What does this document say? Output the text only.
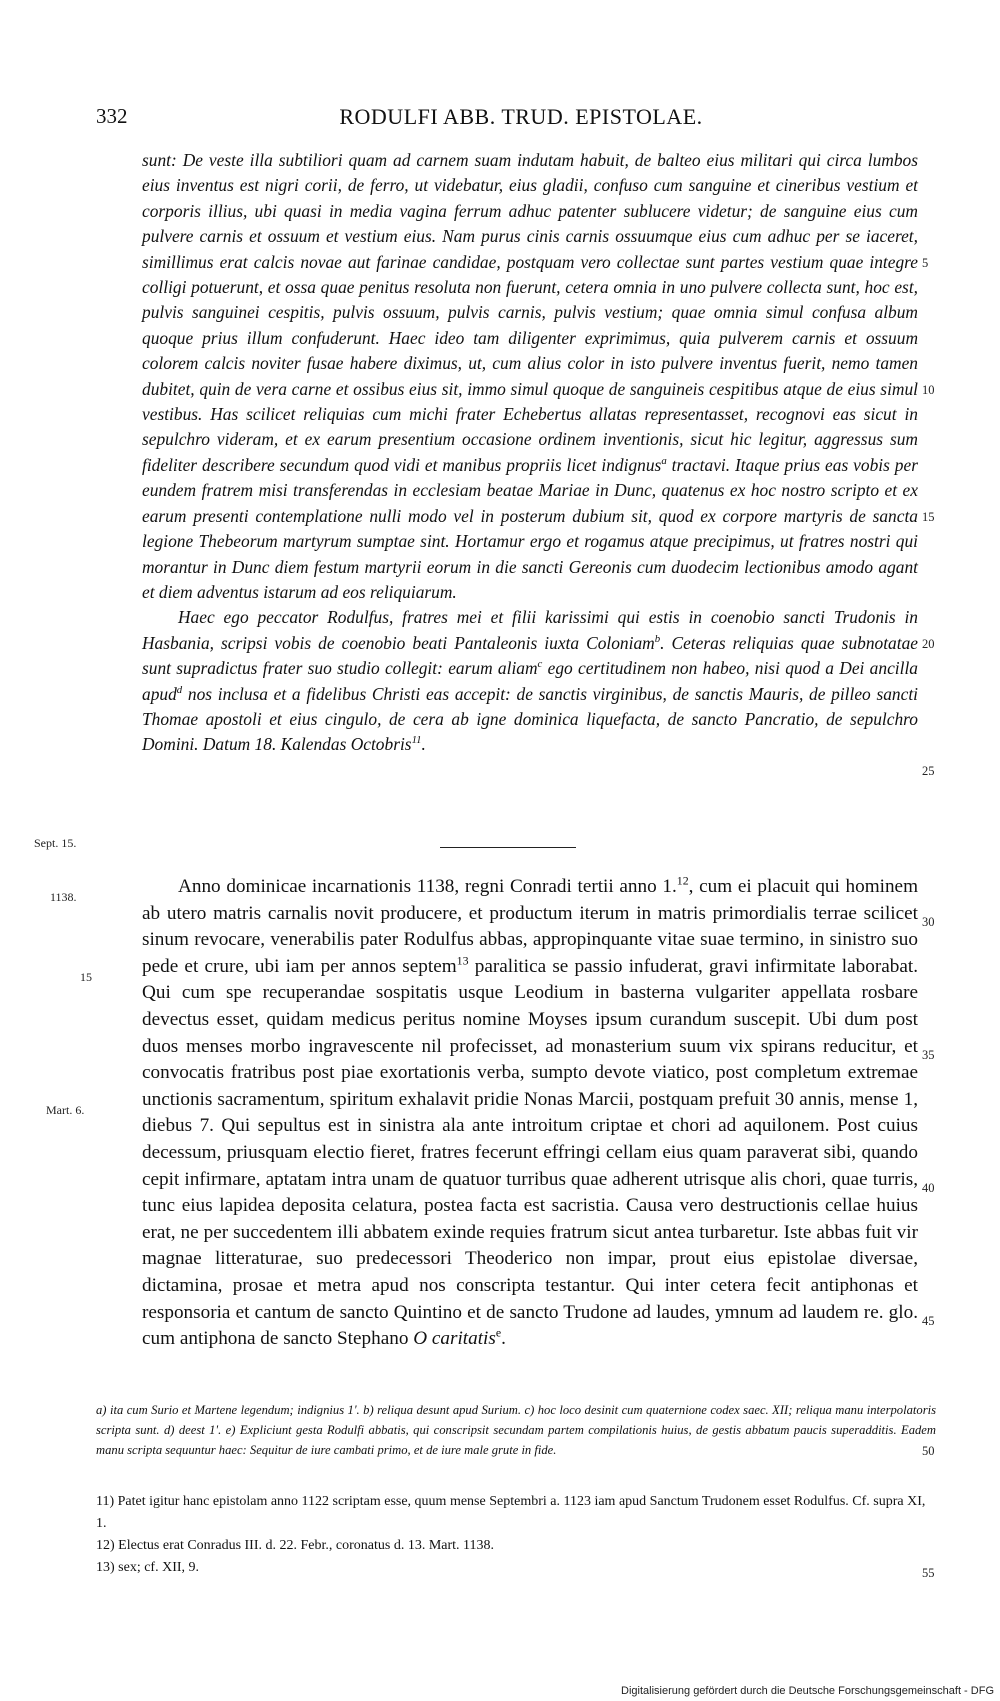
332	RODULFI ABB. TRUD. EPISTOLAE.

sunt: De veste illa subtiliori quam ad carnem suam indutam habuit, de balteo eius militari qui circa lumbos eius inventus est nigri corii, de ferro, ut videbatur, eius gladii, confuso cum sanguine et cineribus vestium et corporis illius, ubi quasi in media vagina ferrum adhuc patenter sublucere videtur; de sanguine eius cum pulvere carnis et ossuum et vestium eius. Nam purus cinis carnis ossuumque eius cum adhuc per se iaceret, simillimus erat calcis novae aut farinae candidae, postquam vero collectae sunt partes vestium quae integre colligi potuerunt, et ossa quae penitus resoluta non fuerunt, cetera omnia in uno pulvere collecta sunt, hoc est, pulvis sanguinei cespitis, pulvis ossuum, pulvis carnis, pulvis vestium; quae omnia simul confusa album quoque prius illum confuderunt. Haec ideo tam diligenter exprimimus, quia pulverem carnis et ossuum colorem calcis noviter fusae habere diximus, ut, cum alius color in isto pulvere inventus fuerit, nemo tamen dubitet, quin de vera carne et ossibus eius sit, immo simul quoque de sanguineis cespitibus atque de eius simul vestibus. Has scilicet reliquias cum michi frater Echebertus allatas representasset, recognovi eas sicut in sepulchro videram, et ex earum presentium occasione ordinem inventionis, sicut hic legitur, aggressus sum fideliter describere secundum quod vidi et manibus propriis licet indignus$^a$ tractavi. Itaque prius eas vobis per eundem fratrem misi transferendas in ecclesiam beatae Mariae in Dunc, quatenus ex hoc nostro scripto et ex earum presenti contemplatione nulli modo vel in posterum dubium sit, quod ex corpore martyris de sancta legione Thebeorum martyrum sumptae sint. Hortamur ergo et rogamus atque precipimus, ut fratres nostri qui morantur in Dunc diem festum martyrii eorum in die sancti Gereonis cum duodecim lectionibus amodo agant et diem adventus istarum ad eos reliquiarum.

Haec ego peccator Rodulfus, fratres mei et filii karissimi qui estis in coenobio sancti Trudonis in Hasbania, scripsi vobis de coenobio beati Pantaleonis iuxta Coloniam$^b$. Ceteras reliquias quae subnotatae sunt supradictus frater suo studio collegit: earum aliam$^c$ ego certitudinem non habeo, nisi quod a Dei ancilla apud$^d$ nos inclusa et a fidelibus Christi eas accepit: de sanctis virginibus, de sanctis Mauris, de pilleo sancti Thomae apostoli et eius cingulo, de cera ab igne dominica liquefacta, de sancto Pancratio, de sepulchro Domini. Datum 18. Kalendas Octobris$^{11}$.

Anno dominicae incarnationis 1138, regni Conradi tertii anno 1.12, cum ei placuit qui hominem ab utero matris carnalis novit producere, et productum iterum in matris primordialis terrae scilicet sinum revocare, venerabilis pater Rodulfus abbas, appropinquante vitae suae termino, in sinistro suo pede et crure, ubi iam per annos septem$^{13}$ paralitica se passio infuderat, gravi infirmitate laborabat. Qui cum spe recuperandae sospitatis usque Leodium in basterna vulgariter appellata rosbare devectus esset, quidam medicus peritus nomine Moyses ipsum curandum suscepit. Ubi dum post duos menses morbo ingravescente nil profecisset, ad monasterium suum vix spirans reducitur, et convocatis fratribus post piae exortationis verba, sumpto devote viatico, post completum extremae unctionis sacramentum, spiritum exhalavit pridie Nonas Marcii, postquam prefuit 30 annis, mense 1, diebus 7. Qui sepultus est in sinistra ala ante introitum criptae et chori ad aquilonem. Post cuius decessum, priusquam electio fieret, fratres fecerunt effringi cellam eius quam paraverat sibi, quando cepit infirmare, aptatam intra unam de quatuor turribus quae adherent utrisque alis chori, quae turris, tunc eius lapidea deposita celatura, postea facta est sacristia. Causa vero destructionis cellae huius erat, ne per succedentem illi abbatem exinde requies fratrum sicut antea turbaretur. Iste abbas fuit vir magnae litteraturae, suo predecessori Theoderico non impar, prout eius epistolae diversae, dictamina, prosae et metra apud nos conscripta testantur. Qui inter cetera fecit antiphonas et responsoria et cantum de sancto Quintino et de sancto Trudone ad laudes, ymnum ad laudem re. glo. cum antiphona de sancto Stephano O caritatis$^e$.

Sept. 15.
1138.
15
Mart. 6.
5
10
15
20
25
30
35
40
45
50
55

a) ita cum Surio et Martene legendum; indignius 1'. b) reliqua desunt apud Surium. c) hoc loco desinit cum quaternione codex saec. XII; reliqua manu interpolatoris scripta sunt. d) deest 1'. e) Expliciunt gesta Rodulfi abbatis, qui conscripsit secundam partem compilationis huius, de gestis abbatum paucis superadditis. Eadem manu scripta sequuntur haec: Sequitur de iure cambati primo, et de iure male grute in fide.

11) Patet igitur hanc epistolam anno 1122 scriptam esse, quum mense Septembri a. 1123 iam apud Sanctum Trudonem esset Rodulfus. Cf. supra XI, 1.

12) Electus erat Conradus III. d. 22. Febr., coronatus d. 13. Mart. 1138.

13) sex; cf. XII, 9.

Digitalisierung gefördert durch die Deutsche Forschungsgemeinschaft - DFG
